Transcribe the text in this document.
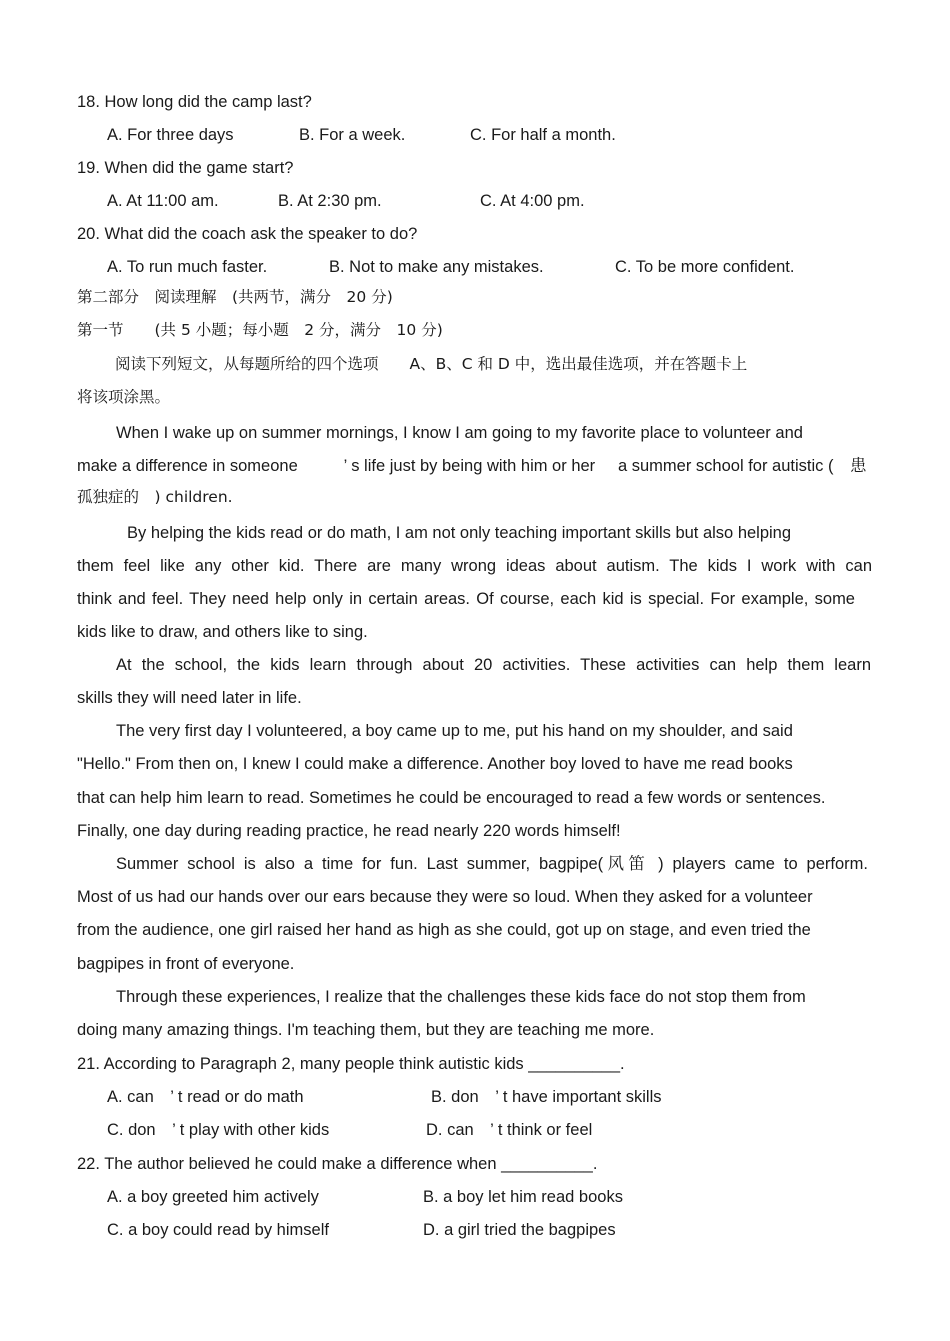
18. How long did the camp last?
A. For three days	B. For a week.	C. For half a month.
19. When did the game start?
A. At 11:00 am.	B. At 2:30 pm.	C. At 4:00 pm.
20. What did the coach ask the speaker to do?
A. To run much faster.	B. Not to make any mistakes.	C. To be more confident.
第二部分　阅读理解　(共两节，满分　20 分)
第一节　　(共 5 小题；每小题　2 分，满分　10 分)
阅读下列短文，从每题所给的四个选项　　A、B、C 和 D 中，选出最佳选项，并在答题卡上
将该项涂黑。
When I wake up on summer mornings, I know I am going to my favorite place to volunteer and
make a difference in someone          ’ s life just by being with him or her a summer school for autistic (　患
孤独症的　) children.
By helping the kids read or do math, I am not only teaching important skills but also helping
them feel like any other kid. There are many wrong ideas about autism. The kids I work with can
think and feel. They need help only in certain areas. Of course, each kid is special. For example, some
kids like to draw, and others like to sing.
At the school, the kids learn through about 20 activities. These activities can help them learn
skills they will need later in life.
The very first day I volunteered, a boy came up to me, put his hand on my shoulder, and said
"Hello." From then on, I knew I could make a difference. Another boy loved to have me read books
that can help him learn to read. Sometimes he could be encouraged to read a few words or sentences.
Finally, one day during reading practice, he read nearly 220 words himself!
Summer school is also a time for fun. Last summer, bagpipe(风笛 ) players came to perform.
Most of us had our hands over our ears because they were so loud. When they asked for a volunteer
from the audience, one girl raised her hand as high as she could, got up on stage, and even tried the
bagpipes in front of everyone.
Through these experiences, I realize that the challenges these kids face do not stop them from
doing many amazing things. I'm teaching them, but they are teaching me more.
21. According to Paragraph 2, many people think autistic kids __________.
A. can　’ t read or do math	B. don　’ t have important skills
C. don　’ t play with other kids	D. can　’ t think or feel
22. The author believed he could make a difference when __________.
A. a boy greeted him actively	B. a boy let him read books
C. a boy could read by himself	D. a girl tried the bagpipes
